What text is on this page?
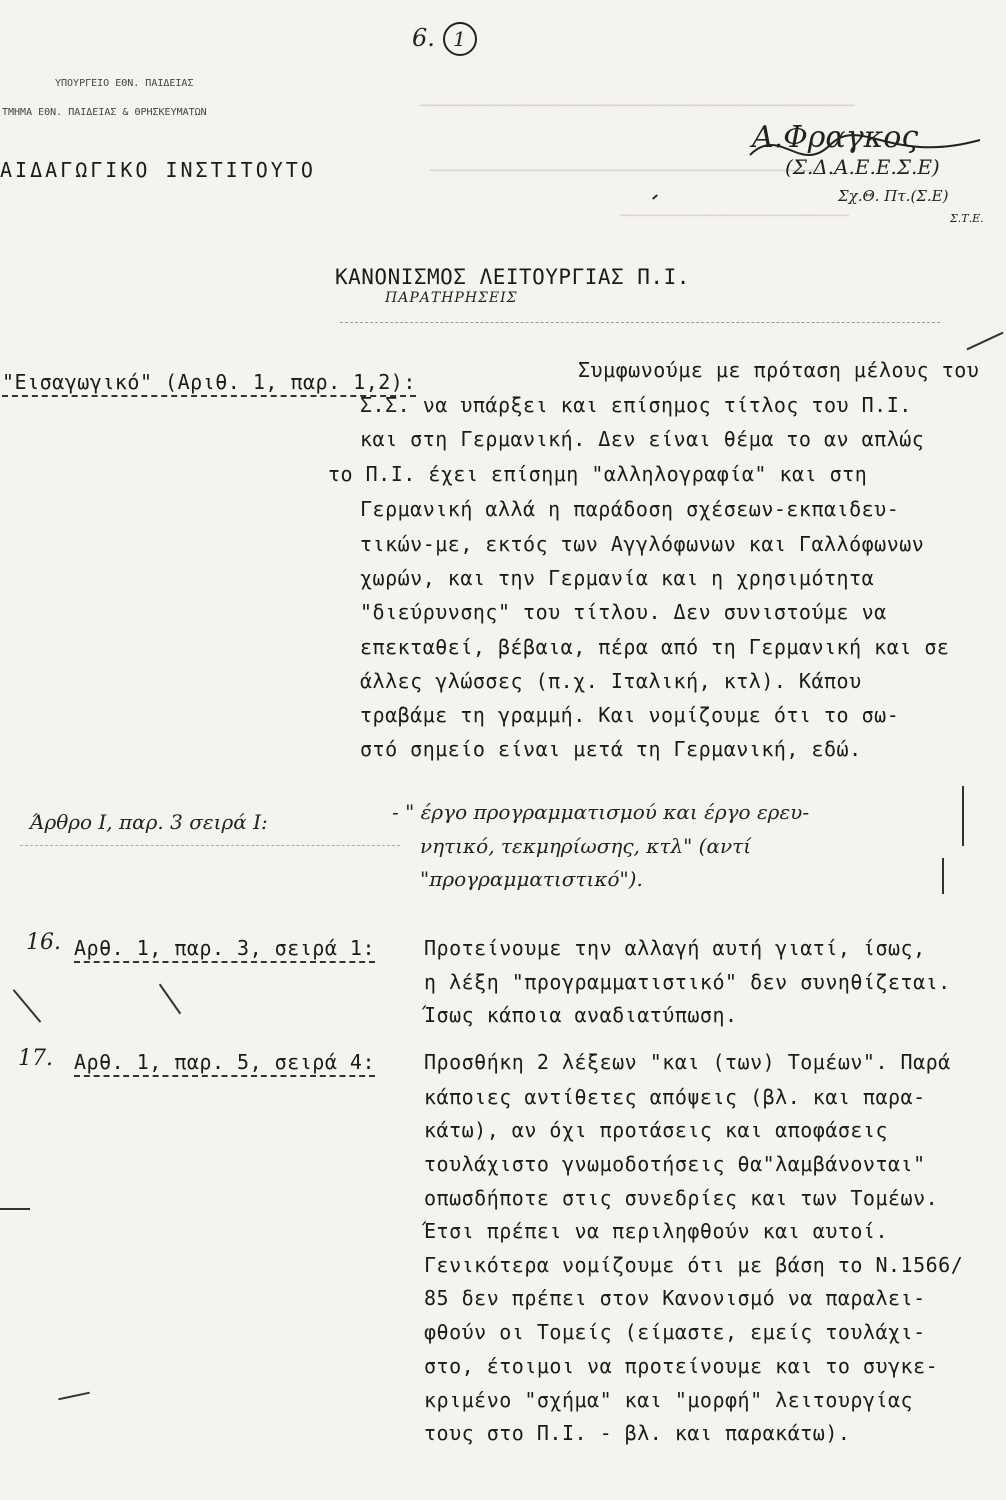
──────────────────────────────────────
──────────────────────────────────
────────────────────
6. 1
ΥΠΟΥΡΓΕΙΟ ΕΘΝ. ΠΑΙΔΕΙΑΣ
ΤΜΗΜΑ ΕΘΝ. ΠΑΙΔΕΙΑΣ & ΘΡΗΣΚΕΥΜΑΤΩΝ
ΑΙΔΑΓΩΓΙΚΟ ΙΝΣΤΙΤΟΥΤΟ
Α.Φραγκος
(Σ.Δ.Α.Ε.Ε.Σ.Ε)
Σχ.Θ. Πτ.(Σ.Ε)
Σ.Τ.Ε.
ΚΑΝΟΝΙΣΜΟΣ ΛΕΙΤΟΥΡΓΙΑΣ Π.Ι.
ΠΑΡΑΤΗΡΗΣΕΙΣ
"Εισαγωγικό" (Αριθ. 1, παρ. 1,2):	Συμφωνούμε με πρόταση μέλους του
Σ.Σ. να υπάρξει και επίσημος τίτλος του Π.Ι.
και στη Γερμανική. Δεν είναι θέμα το αν απλώς
το Π.Ι. έχει επίσημη "αλληλογραφία" και στη
Γερμανική αλλά η παράδοση σχέσεων-εκπαιδευ-
τικών-με, εκτός των Αγγλόφωνων και Γαλλόφωνων
χωρών, και την Γερμανία και η χρησιμότητα
"διεύρυνσης" του τίτλου. Δεν συνιστούμε να
επεκταθεί, βέβαια, πέρα από τη Γερμανική και σε
άλλες γλώσσες (π.χ. Ιταλική, κτλ). Κάπου
τραβάμε τη γραμμή. Και νομίζουμε ότι το σω-
στό σημείο είναι μετά τη Γερμανική, εδώ.
Άρθρο Ι, παρ. 3 σειρά Ι:	- " έργο προγραμματισμού και έργο ερευ-
νητικό, τεκμηρίωσης, κτλ" (αντί
"προγραμματιστικό").
16. Αρθ. 1, παρ. 3, σειρά 1: Προτείνουμε την αλλαγή αυτή γιατί, ίσως,
η λέξη "προγραμματιστικό" δεν συνηθίζεται.
Ίσως κάποια αναδιατύπωση.
17. Αρθ. 1, παρ. 5, σειρά 4: Προσθήκη 2 λέξεων "και (των) Τομέων". Παρά
κάποιες αντίθετες απόψεις (βλ. και παρα-
κάτω), αν όχι προτάσεις και αποφάσεις
τουλάχιστο γνωμοδοτήσεις θα"λαμβάνονται"
οπωσδήποτε στις συνεδρίες και των Τομέων.
Έτσι πρέπει να περιληφθούν και αυτοί.
Γενικότερα νομίζουμε ότι με βάση το Ν.1566/
85 δεν πρέπει στον Κανονισμό να παραλει-
φθούν οι Τομείς (είμαστε, εμείς τουλάχι-
στο, έτοιμοι να προτείνουμε και το συγκε-
κριμένο "σχήμα" και "μορφή" λειτουργίας
τους στο Π.Ι. - βλ. και παρακάτω).
